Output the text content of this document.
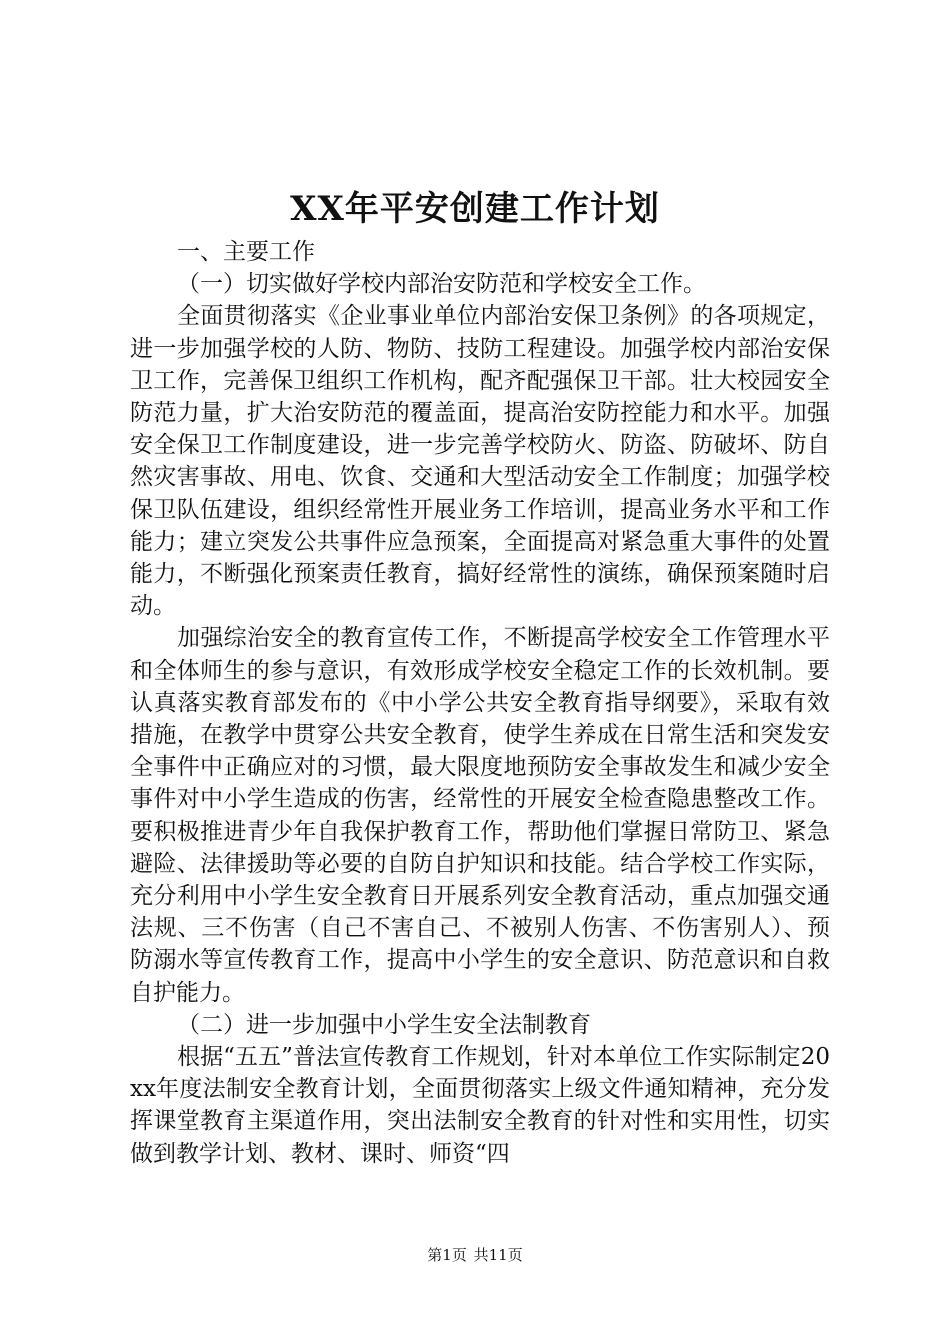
XX年平安创建工作计划

一、主要工作

（一）切实做好学校内部治安防范和学校安全工作。

全面贯彻落实《企业事业单位内部治安保卫条例》的各项规定，进一步加强学校的人防、物防、技防工程建设。加强学校内部治安保卫工作，完善保卫组织工作机构，配齐配强保卫干部。壮大校园安全防范力量，扩大治安防范的覆盖面，提高治安防控能力和水平。加强安全保卫工作制度建设，进一步完善学校防火、防盗、防破坏、防自然灾害事故、用电、饮食、交通和大型活动安全工作制度；加强学校保卫队伍建设，组织经常性开展业务工作培训，提高业务水平和工作能力；建立突发公共事件应急预案，全面提高对紧急重大事件的处置能力，不断强化预案责任教育，搞好经常性的演练，确保预案随时启动。

加强综治安全的教育宣传工作，不断提高学校安全工作管理水平和全体师生的参与意识，有效形成学校安全稳定工作的长效机制。要认真落实教育部发布的《中小学公共安全教育指导纲要》，采取有效措施，在教学中贯穿公共安全教育，使学生养成在日常生活和突发安全事件中正确应对的习惯，最大限度地预防安全事故发生和减少安全事件对中小学生造成的伤害，经常性的开展安全检查隐患整改工作。要积极推进青少年自我保护教育工作，帮助他们掌握日常防卫、紧急避险、法律援助等必要的自防自护知识和技能。结合学校工作实际，充分利用中小学生安全教育日开展系列安全教育活动，重点加强交通法规、三不伤害（自己不害自己、不被别人伤害、不伤害别人）、预防溺水等宣传教育工作，提高中小学生的安全意识、防范意识和自救自护能力。

（二）进一步加强中小学生安全法制教育

根据“五五”普法宣传教育工作规划，针对本单位工作实际制定20xx年度法制安全教育计划，全面贯彻落实上级文件通知精神，充分发挥课堂教育主渠道作用，突出法制安全教育的针对性和实用性，切实做到教学计划、教材、课时、师资“四

第1页 共11页
